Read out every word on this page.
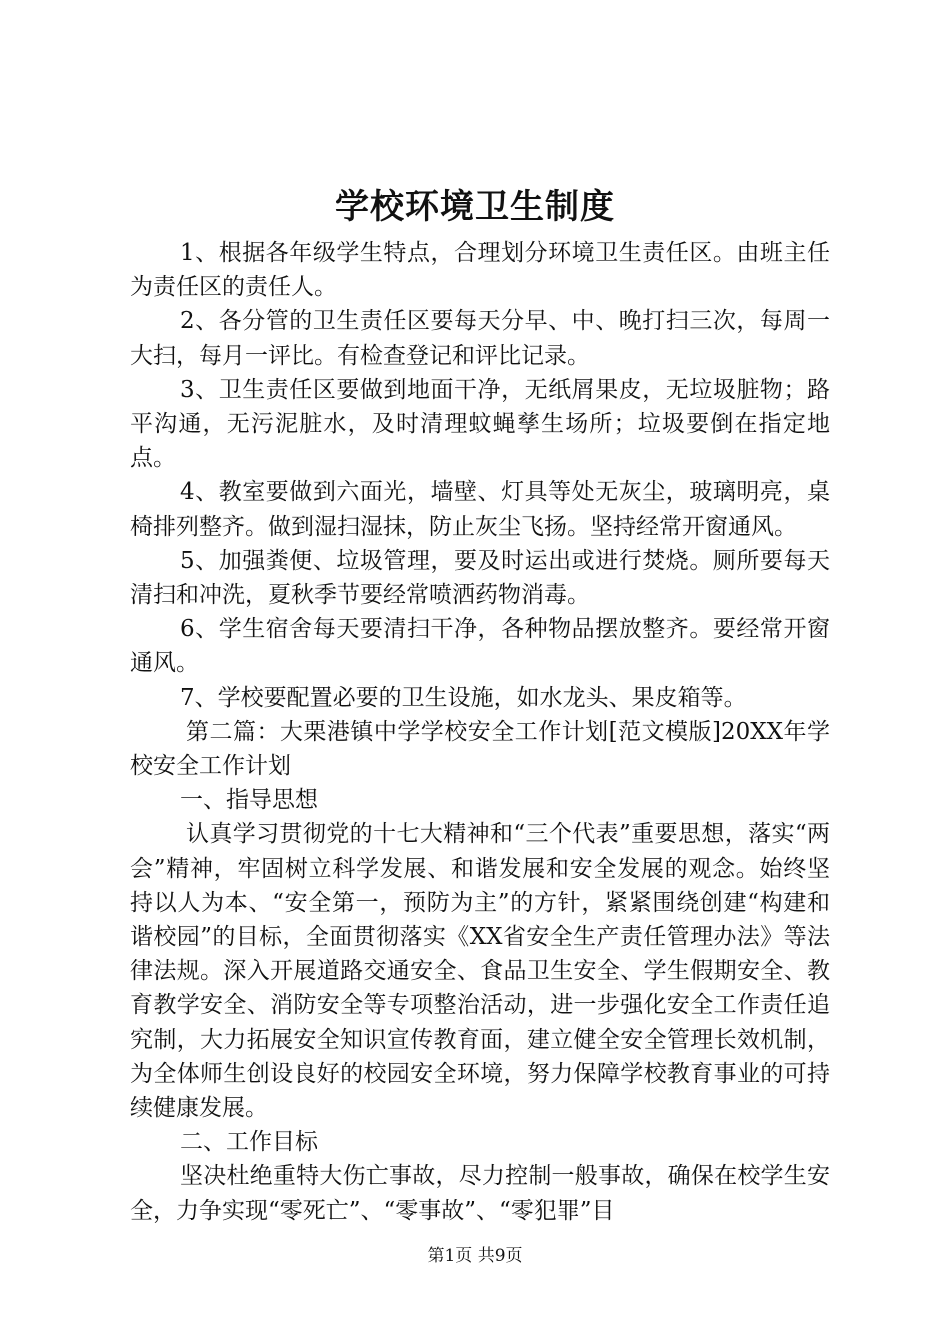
学校环境卫生制度

1、根据各年级学生特点，合理划分环境卫生责任区。由班主任为责任区的责任人。

2、各分管的卫生责任区要每天分早、中、晚打扫三次，每周一大扫，每月一评比。有检查登记和评比记录。

3、卫生责任区要做到地面干净，无纸屑果皮，无垃圾脏物；路平沟通，无污泥脏水，及时清理蚊蝇孳生场所；垃圾要倒在指定地点。

4、教室要做到六面光，墙壁、灯具等处无灰尘，玻璃明亮，桌椅排列整齐。做到湿扫湿抹，防止灰尘飞扬。坚持经常开窗通风。

5、加强粪便、垃圾管理，要及时运出或进行焚烧。厕所要每天清扫和冲洗，夏秋季节要经常喷洒药物消毒。

6、学生宿舍每天要清扫干净，各种物品摆放整齐。要经常开窗通风。

7、学校要配置必要的卫生设施，如水龙头、果皮箱等。

第二篇：大栗港镇中学学校安全工作计划[范文模版]20XX年学校安全工作计划

一、指导思想

认真学习贯彻党的十七大精神和“三个代表”重要思想，落实“两会”精神，牢固树立科学发展、和谐发展和安全发展的观念。始终坚持以人为本、“安全第一，预防为主”的方针，紧紧围绕创建“构建和谐校园”的目标，全面贯彻落实《XX省安全生产责任管理办法》等法律法规。深入开展道路交通安全、食品卫生安全、学生假期安全、教育教学安全、消防安全等专项整治活动，进一步强化安全工作责任追究制，大力拓展安全知识宣传教育面，建立健全安全管理长效机制，为全体师生创设良好的校园安全环境，努力保障学校教育事业的可持续健康发展。

二、工作目标

坚决杜绝重特大伤亡事故，尽力控制一般事故，确保在校学生安全，力争实现“零死亡”、“零事故”、“零犯罪”目

第1页 共9页
